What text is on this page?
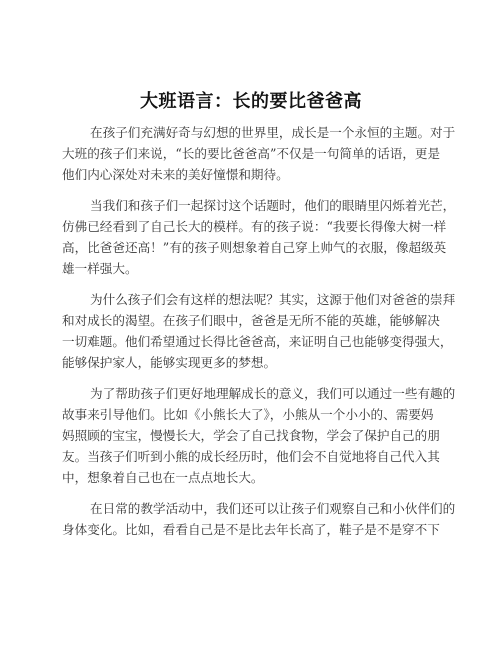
大班语言：长的要比爸爸高
在孩子们充满好奇与幻想的世界里，成长是一个永恒的主题。对于
大班的孩子们来说，“长的要比爸爸高”不仅是一句简单的话语，更是
他们内心深处对未来的美好憧憬和期待。
当我们和孩子们一起探讨这个话题时，他们的眼睛里闪烁着光芒，
仿佛已经看到了自己长大的模样。有的孩子说：“我要长得像大树一样
高，比爸爸还高！”有的孩子则想象着自己穿上帅气的衣服，像超级英
雄一样强大。
为什么孩子们会有这样的想法呢？其实，这源于他们对爸爸的崇拜
和对成长的渴望。在孩子们眼中，爸爸是无所不能的英雄，能够解决
一切难题。他们希望通过长得比爸爸高，来证明自己也能够变得强大，
能够保护家人，能够实现更多的梦想。
为了帮助孩子们更好地理解成长的意义，我们可以通过一些有趣的
故事来引导他们。比如《小熊长大了》，小熊从一个小小的、需要妈
妈照顾的宝宝，慢慢长大，学会了自己找食物，学会了保护自己的朋
友。当孩子们听到小熊的成长经历时，他们会不自觉地将自己代入其
中，想象着自己也在一点点地长大。
在日常的教学活动中，我们还可以让孩子们观察自己和小伙伴们的
身体变化。比如，看看自己是不是比去年长高了，鞋子是不是穿不下
